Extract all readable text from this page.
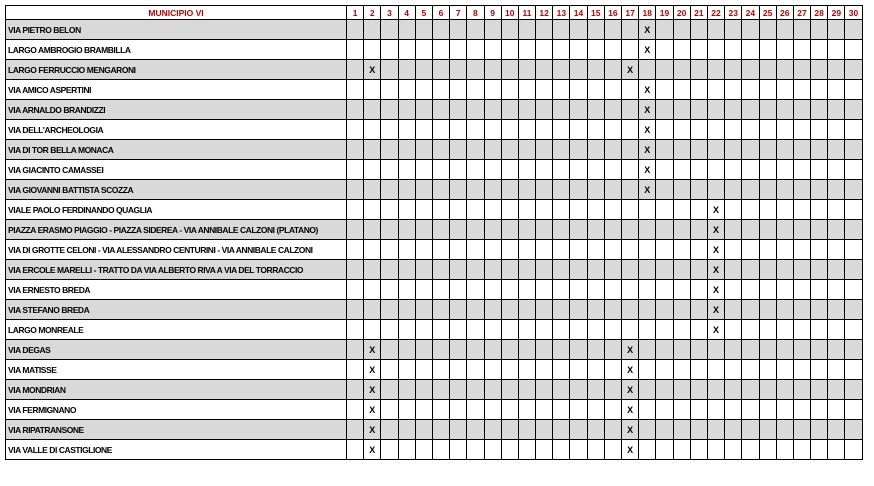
MUNICIPIO VI	1	2	3	4	5	6	7	8	9	10	11	12	13	14	15	16	17	18	19	20	21	22	23	24	25	26	27	28	29	30
VIA PIETRO BELON																		X												
LARGO AMBROGIO BRAMBILLA																		X												
LARGO FERRUCCIO MENGARONI		X															X													
VIA AMICO ASPERTINI																		X												
VIA ARNALDO BRANDIZZI																		X												
VIA DELL'ARCHEOLOGIA																		X												
VIA DI TOR BELLA MONACA																		X												
VIA GIACINTO CAMASSEI																		X												
VIA GIOVANNI BATTISTA SCOZZA																		X												
VIALE PAOLO FERDINANDO QUAGLIA																						X								
PIAZZA ERASMO PIAGGIO - PIAZZA SIDEREA - VIA ANNIBALE CALZONI (PLATANO)																						X								
VIA DI GROTTE CELONI - VIA ALESSANDRO CENTURINI - VIA ANNIBALE CALZONI																						X								
VIA ERCOLE MARELLI - TRATTO DA VIA ALBERTO RIVA A VIA DEL TORRACCIO																						X								
VIA ERNESTO BREDA																						X								
VIA STEFANO BREDA																						X								
LARGO MONREALE																						X								
VIA DEGAS		X															X													
VIA MATISSE		X															X													
VIA MONDRIAN		X															X													
VIA FERMIGNANO		X															X													
VIA RIPATRANSONE		X															X													
VIA VALLE DI CASTIGLIONE		X															X													
